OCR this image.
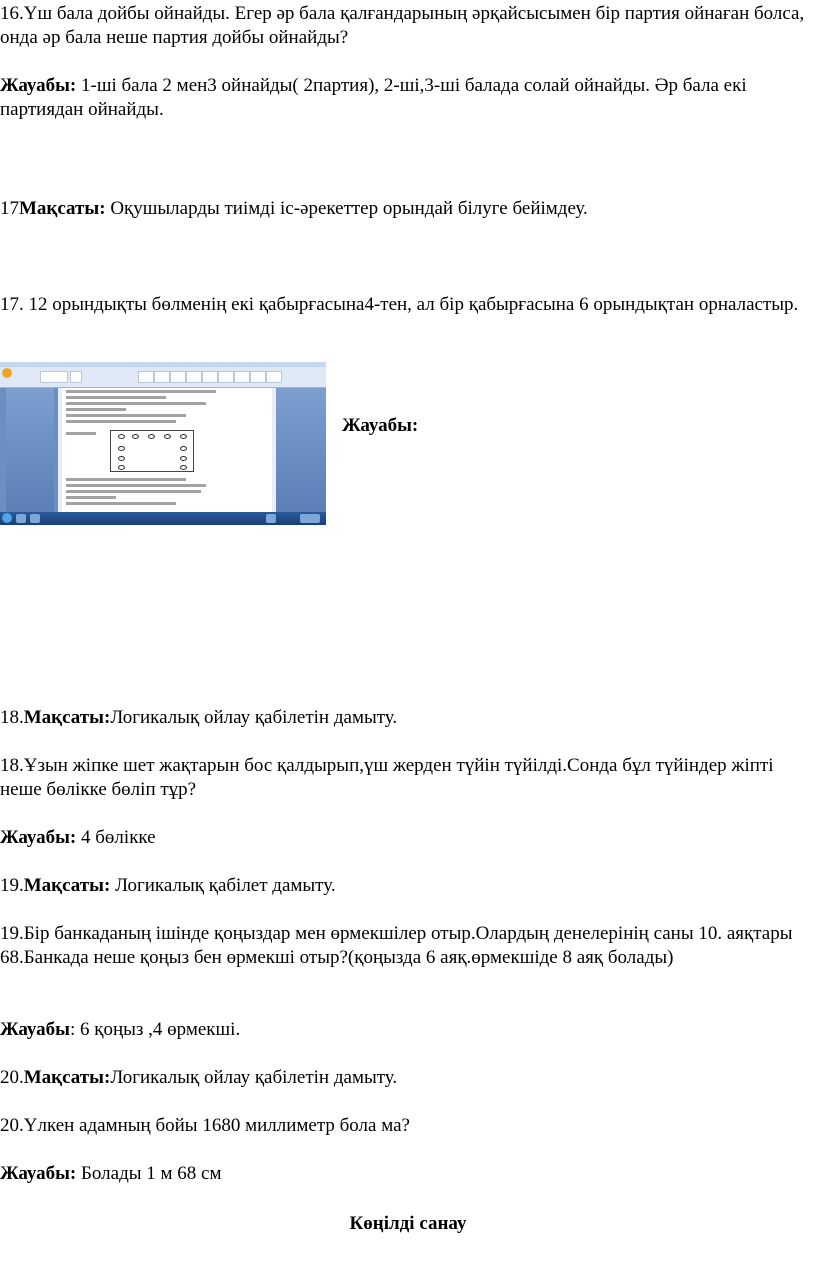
16.Үш бала дойбы ойнайды. Егер әр бала қалғандарының әрқайсысымен бір партия ойнаған болса, онда әр бала неше партия дойбы ойнайды?
Жауабы: 1-ші бала 2 мен3 ойнайды( 2партия), 2-ші,3-ші балада солай ойнайды. Әр бала екі партиядан ойнайды.
17Мақсаты: Оқушыларды тиімді іс-әрекеттер орындай білуге бейімдеу.
17. 12 орындықты бөлменің екі қабырғасына4-тен, ал бір қабырғасына 6 орындықтан орналастыр.
Жауабы:
18.Мақсаты:Логикалық ойлау қабілетін дамыту.
18.Ұзын жіпке шет жақтарын бос қалдырып,үш жерден түйін түйілді.Сонда бұл түйіндер жіпті неше бөлікке бөліп тұр?
Жауабы: 4 бөлікке
19.Мақсаты: Логикалық қабілет дамыту.
19.Бір банкаданың ішінде қоңыздар мен өрмекшілер отыр.Олардың денелерінің саны 10. аяқтары 68.Банкада неше қоңыз бен өрмекші отыр?(қоңызда 6 аяқ.өрмекшіде 8 аяқ болады)
Жауабы: 6 қоңыз ,4 өрмекші.
20.Мақсаты:Логикалық ойлау қабілетін дамыту.
20.Үлкен адамның бойы 1680 миллиметр бола ма?
Жауабы: Болады 1 м 68 см
Көңілді санау
